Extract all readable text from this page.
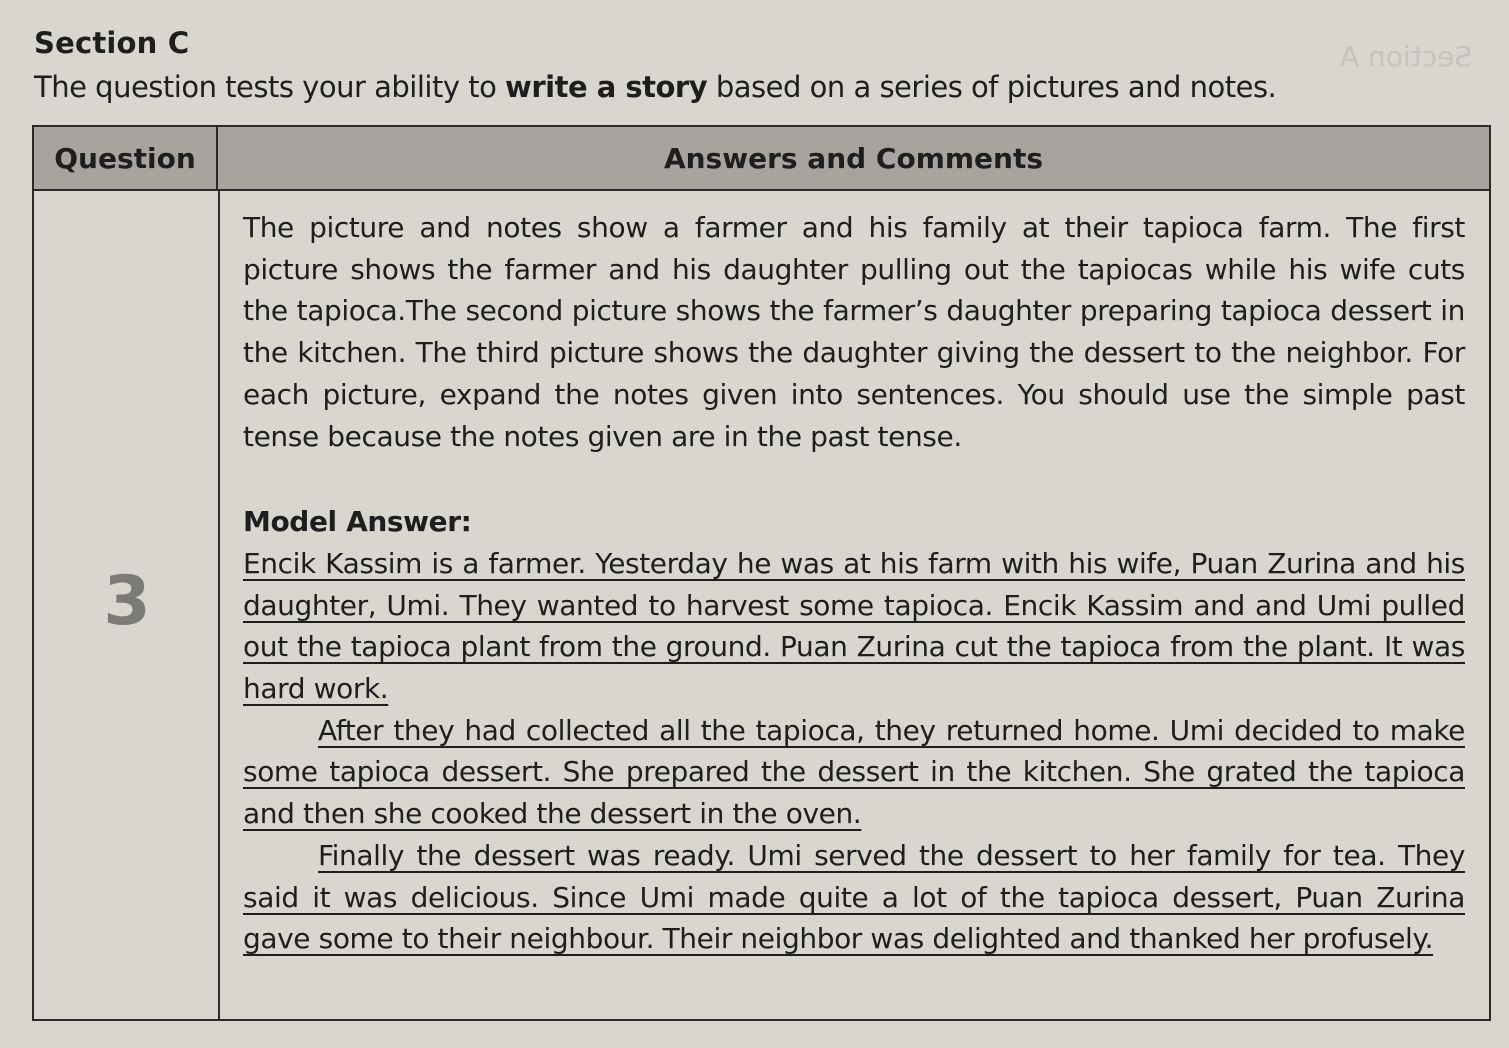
Section A
Section C

The question tests your ability to write a story based on a series of pictures and notes.

Question	Answers and Comments
3

The picture and notes show a farmer and his family at their tapioca farm. The first picture shows the farmer and his daughter pulling out the tapiocas while his wife cuts the tapioca.The second picture shows the farmer’s daughter preparing tapioca dessert in the kitchen. The third picture shows the daughter giving the dessert to the neighbor. For each picture, expand the notes given into sentences. You should use the simple past tense because the notes given are in the past tense.

Model Answer:

Encik Kassim is a farmer. Yesterday he was at his farm with his wife, Puan Zurina and his daughter, Umi. They wanted to harvest some tapioca. Encik Kassim and and Umi pulled out the tapioca plant from the ground. Puan Zurina cut the tapioca from the plant. It was hard work.

After they had collected all the tapioca, they returned home. Umi decided to make some tapioca dessert. She prepared the dessert in the kitchen. She grated the tapioca and then she cooked the dessert in the oven.

Finally the dessert was ready. Umi served the dessert to her family for tea. They said it was delicious. Since Umi made quite a lot of the tapioca dessert, Puan Zurina gave some to their neighbour. Their neighbor was delighted and thanked her profusely.
